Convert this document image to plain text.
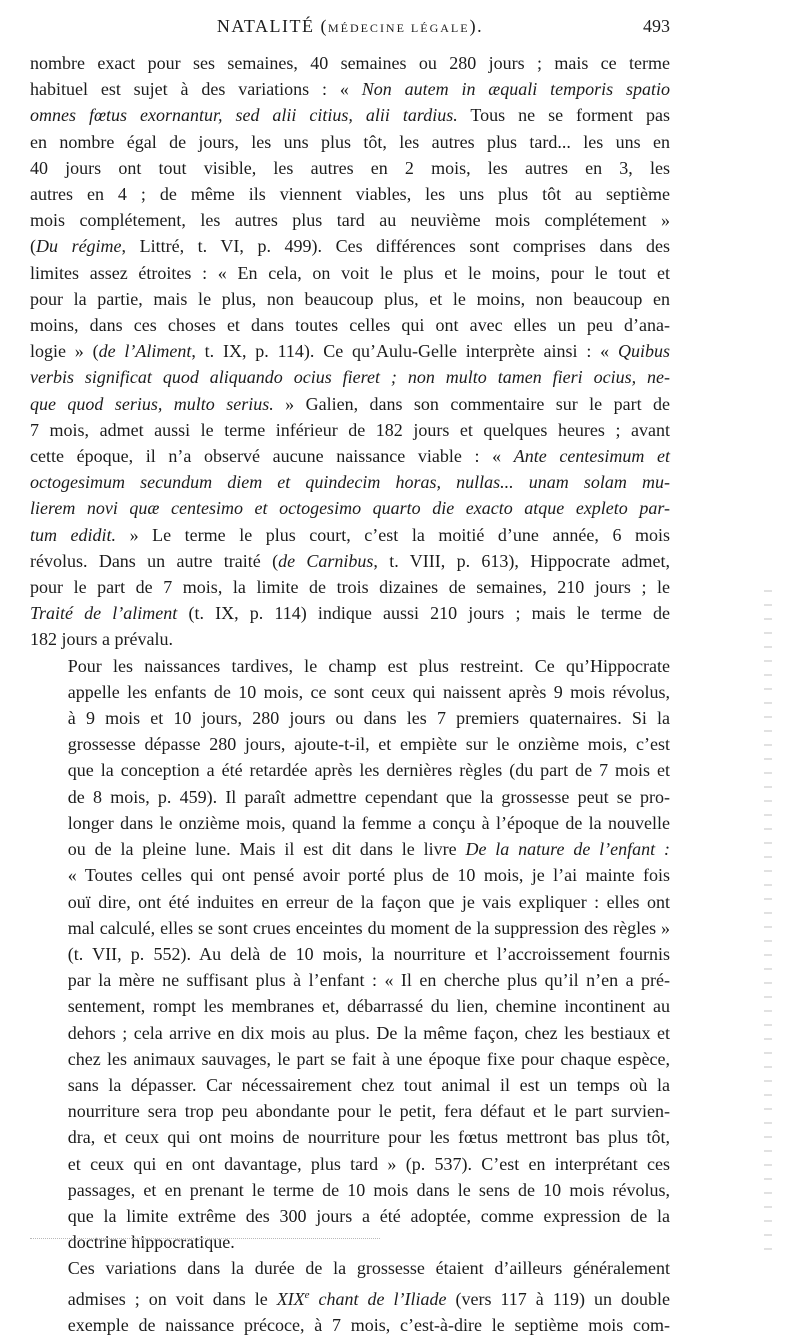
NATALITÉ (MÉDECINE LÉGALE).	493

nombre exact pour ses semaines, 40 semaines ou 280 jours ; mais ce terme
habituel est sujet à des variations : « Non autem in æquali temporis spatio
omnes fœtus exornantur, sed alii citius, alii tardius. Tous ne se forment pas
en nombre égal de jours, les uns plus tôt, les autres plus tard... les uns en
40 jours ont tout visible, les autres en 2 mois, les autres en 3, les
autres en 4 ; de même ils viennent viables, les uns plus tôt au septième
mois complétement, les autres plus tard au neuvième mois complétement »
(Du régime, Littré, t. VI, p. 499). Ces différences sont comprises dans des
limites assez étroites : « En cela, on voit le plus et le moins, pour le tout et
pour la partie, mais le plus, non beaucoup plus, et le moins, non beaucoup en
moins, dans ces choses et dans toutes celles qui ont avec elles un peu d’ana-
logie » (de l’Aliment, t. IX, p. 114). Ce qu’Aulu-Gelle interprète ainsi : « Quibus
verbis significat quod aliquando ocius fieret ; non multo tamen fieri ocius, ne-
que quod serius, multo serius. » Galien, dans son commentaire sur le part de
7 mois, admet aussi le terme inférieur de 182 jours et quelques heures ; avant
cette époque, il n’a observé aucune naissance viable : « Ante centesimum et
octogesimum secundum diem et quindecim horas, nullas... unam solam mu-
lierem novi quæ centesimo et octogesimo quarto die exacto atque expleto par-
tum edidit. » Le terme le plus court, c’est la moitié d’une année, 6 mois
révolus. Dans un autre traité (de Carnibus, t. VIII, p. 613), Hippocrate admet,
pour le part de 7 mois, la limite de trois dizaines de semaines, 210 jours ; le
Traité de l’aliment (t. IX, p. 114) indique aussi 210 jours ; mais le terme de
182 jours a prévalu.

Pour les naissances tardives, le champ est plus restreint. Ce qu’Hippocrate
appelle les enfants de 10 mois, ce sont ceux qui naissent après 9 mois révolus,
à 9 mois et 10 jours, 280 jours ou dans les 7 premiers quaternaires. Si la
grossesse dépasse 280 jours, ajoute-t-il, et empiète sur le onzième mois, c’est
que la conception a été retardée après les dernières règles (du part de 7 mois et
de 8 mois, p. 459). Il paraît admettre cependant que la grossesse peut se pro-
longer dans le onzième mois, quand la femme a conçu à l’époque de la nouvelle
ou de la pleine lune. Mais il est dit dans le livre De la nature de l’enfant :
« Toutes celles qui ont pensé avoir porté plus de 10 mois, je l’ai mainte fois
ouï dire, ont été induites en erreur de la façon que je vais expliquer : elles ont
mal calculé, elles se sont crues enceintes du moment de la suppression des règles »
(t. VII, p. 552). Au delà de 10 mois, la nourriture et l’accroissement fournis
par la mère ne suffisant plus à l’enfant : « Il en cherche plus qu’il n’en a pré-
sentement, rompt les membranes et, débarrassé du lien, chemine incontinent au
dehors ; cela arrive en dix mois au plus. De la même façon, chez les bestiaux et
chez les animaux sauvages, le part se fait à une époque fixe pour chaque espèce,
sans la dépasser. Car nécessairement chez tout animal il est un temps où la
nourriture sera trop peu abondante pour le petit, fera défaut et le part survien-
dra, et ceux qui ont moins de nourriture pour les fœtus mettront bas plus tôt,
et ceux qui en ont davantage, plus tard » (p. 537). C’est en interprétant ces
passages, et en prenant le terme de 10 mois dans le sens de 10 mois révolus,
que la limite extrême des 300 jours a été adoptée, comme expression de la
doctrine hippocratique.

Ces variations dans la durée de la grossesse étaient d’ailleurs généralement
admises ; on voit dans le XIXe chant de l’Iliade (vers 117 à 119) un double
exemple de naissance précoce, à 7 mois, c’est-à-dire le septième mois com-
